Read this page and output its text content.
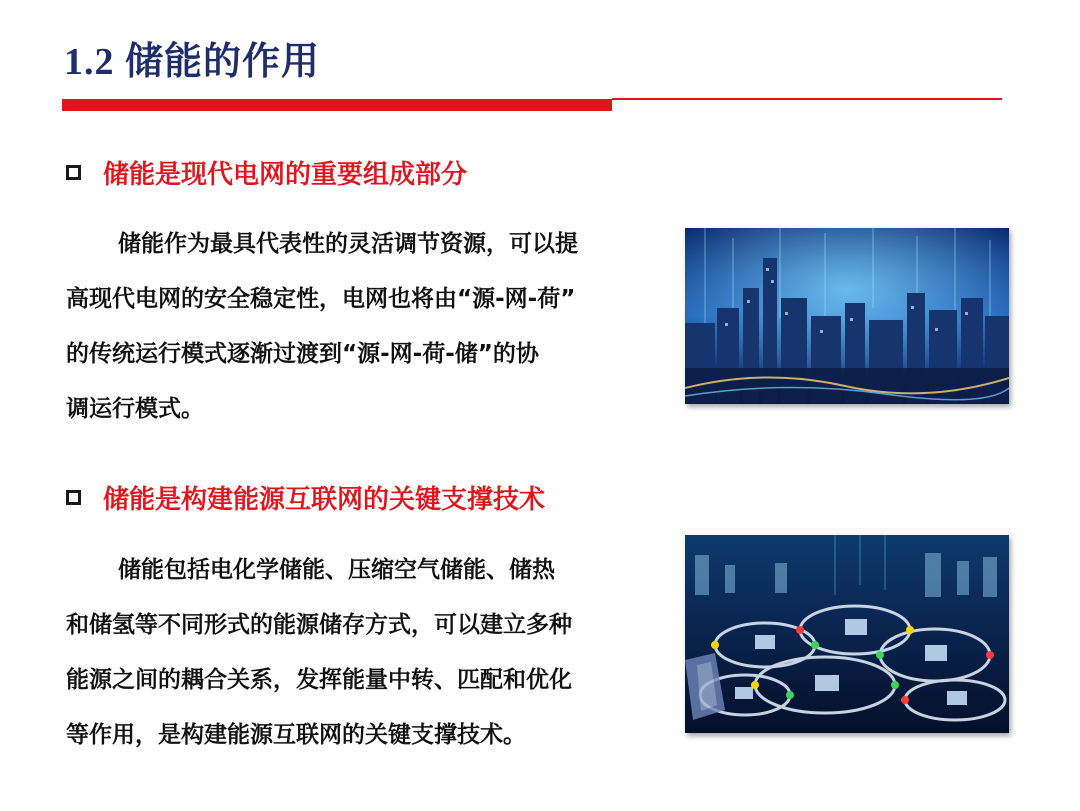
1.2 储能的作用
储能是现代电网的重要组成部分
储能作为最具代表性的灵活调节资源，可以提
高现代电网的安全稳定性，电网也将由“源-网-荷”
的传统运行模式逐渐过渡到“源-网-荷-储”的协
调运行模式。
储能是构建能源互联网的关键支撑技术
储能包括电化学储能、压缩空气储能、储热
和储氢等不同形式的能源储存方式，可以建立多种
能源之间的耦合关系，发挥能量中转、匹配和优化
等作用，是构建能源互联网的关键支撑技术。
